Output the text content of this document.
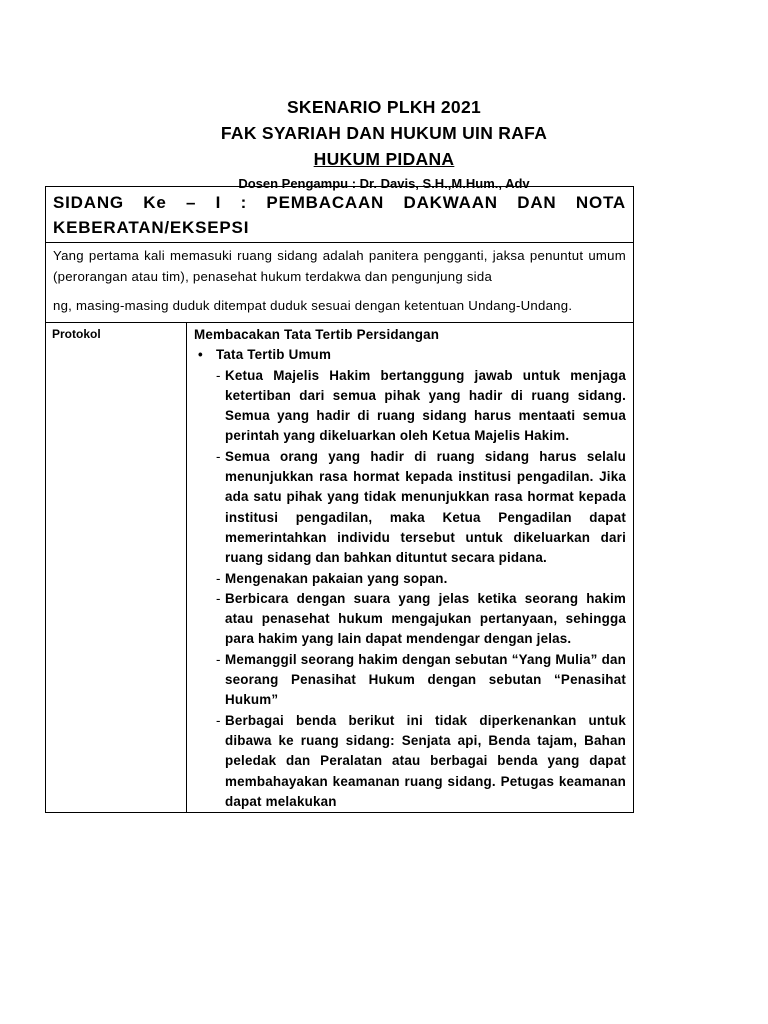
SKENARIO PLKH 2021
FAK SYARIAH DAN HUKUM UIN RAFA
HUKUM PIDANA
Dosen Pengampu : Dr. Davis, S.H.,M.Hum., Adv
SIDANG Ke – I : PEMBACAAN DAKWAAN DAN NOTA KEBERATAN/EKSEPSI

Yang pertama kali memasuki ruang sidang adalah panitera pengganti, jaksa penuntut umum (perorangan atau tim), penasehat hukum terdakwa dan pengunjung sida

ng, masing-masing duduk ditempat duduk sesuai dengan ketentuan Undang-Undang.

Protokol	Membacakan Tata Tertib Persidangan
• Tata Tertib Umum
- Ketua Majelis Hakim bertanggung jawab untuk menjaga ketertiban dari semua pihak yang hadir di ruang sidang. Semua yang hadir di ruang sidang harus mentaati semua perintah yang dikeluarkan oleh Ketua Majelis Hakim.
- Semua orang yang hadir di ruang sidang harus selalu menunjukkan rasa hormat kepada institusi pengadilan. Jika ada satu pihak yang tidak menunjukkan rasa hormat kepada institusi pengadilan, maka Ketua Pengadilan dapat memerintahkan individu tersebut untuk dikeluarkan dari ruang sidang dan bahkan dituntut secara pidana.
- Mengenakan pakaian yang sopan.
- Berbicara dengan suara yang jelas ketika seorang hakim atau penasehat hukum mengajukan pertanyaan, sehingga para hakim yang lain dapat mendengar dengan jelas.
- Memanggil seorang hakim dengan sebutan “Yang Mulia” dan seorang Penasihat Hukum dengan sebutan “Penasihat Hukum”
- Berbagai benda berikut ini tidak diperkenankan untuk dibawa ke ruang sidang: Senjata api, Benda tajam, Bahan peledak dan Peralatan atau berbagai benda yang dapat membahayakan keamanan ruang sidang. Petugas keamanan dapat melakukan
